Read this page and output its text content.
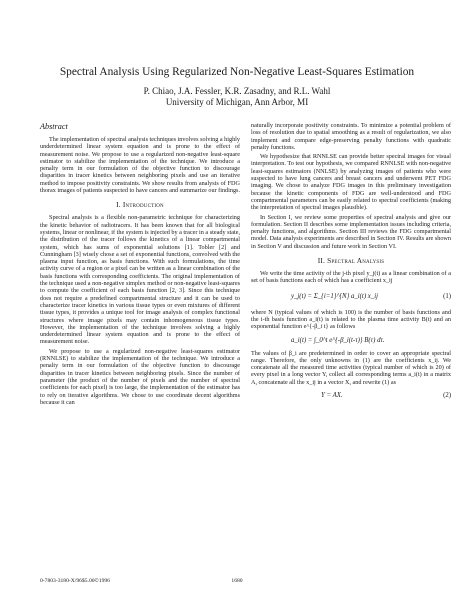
Spectral Analysis Using Regularized Non-Negative Least-Squares Estimation
P. Chiao, J.A. Fessler, K.R. Zasadny, and R.L. Wahl
University of Michigan, Ann Arbor, MI
Abstract

The implementation of spectral analysis techniques involves solving a highly underdetermined linear system equation and is prone to the effect of measurement noise. We propose to use a regularized non-negative least-square estimator to stabilize the implementation of the technique. We introduce a penalty term in our formulation of the objective function to discourage disparities in tracer kinetics between neighboring pixels and use an iterative method to impose positivity constraints. We show results from analysis of FDG thorax images of patients suspected to have cancers and summarize our findings.

I. Introduction

Spectral analysis is a flexible non-parametric technique for characterizing the kinetic behavior of radiotracers. It has been known that for all biological systems, linear or nonlinear, if the system is injected by a tracer in a steady state, the distribution of the tracer follows the kinetics of a linear compartmental system, which has sums of exponential solutions [1]. Tobler [2] and Cunningham [3] wisely chose a set of exponential functions, convolved with the plasma input function, as basis functions. With such formulations, the time activity curve of a region or a pixel can be written as a linear combination of the basis functions with corresponding coefficients. The original implementation of the technique used a non-negative simplex method or non-negative least-squares to compute the coefficient of each basis function [2, 3]. Since this technique does not require a predefined compartmental structure and it can be used to characterize tracer kinetics in various tissue types or even mixtures of different tissue types, it provides a unique tool for image analysis of complex functional structures where image pixels may contain inhomogeneous tissue types. However, the implementation of the technique involves solving a highly underdetermined linear system equation and is prone to the effect of measurement noise.

We propose to use a regularized non-negative least-squares estimator (RNNLSE) to stabilize the implementation of the technique. We introduce a penalty term in our formulation of the objective function to discourage disparities in tracer kinetics between neighboring pixels. Since the number of parameter (the product of the number of pixels and the number of spectral coefficients for each pixel) is too large, the implementation of the estimator has to rely on iterative algorithms. We chose to use coordinate decent algorithms because it can

naturally incorporate positivity constraints. To minimize a potential problem of loss of resolution due to spatial smoothing as a result of regularization, we also implement and compare edge-preserving penalty functions with quadratic penalty functions.

We hypothesize that RNNLSE can provide better spectral images for visual interpretation. To test our hypothesis, we compared RNNLSE with non-negative least-squares estimators (NNLSE) by analyzing images of patients who were suspected to have lung cancers and breast cancers and underwent PET FDG imaging. We chose to analyze FDG images in this preliminary investigation because the kinetic components of FDG are well-understood and FDG compartmental parameters can be easily related to spectral coefficients (making the interpretation of spectral images plausible).

In Section I, we review some properties of spectral analysis and give our formulation. Section II describes some implementation issues including criteria, penalty functions, and algorithms. Section III reviews the FDG compartmental model. Data analysis experiments are described in Section IV. Results are shown in Section V and discussion and future work in Section VI.

II. Spectral Analysis

We write the time activity of the j-th pixel y_j(t) as a linear combination of a set of basis functions each of which has a coefficient x_ij

y_j(t) = Σ_{i=1}^{N} a_i(t) x_ij	(1)

where N (typical values of which is 100) is the number of basis functions and the i-th basis function a_i(t) is related to the plasma time activity B(t) and an exponential function e^{-β_i t} as follows

a_i(t) = ∫_0^t e^{-β_i(t-τ)} B(τ) dτ.

The values of β_i are predetermined in order to cover an appropriate spectral range. Therefore, the only unknowns in (1) are the coefficients x_ij. We concatenate all the measured time activities (typical number of which is 20) of every pixel in a long vector Y, collect all corresponding terms a_i(t) in a matrix A, concatenate all the x_ij in a vector X, and rewrite (1) as

Y = AX.	(2)
0-7803-3180-X/96$5.00©1996	1680
